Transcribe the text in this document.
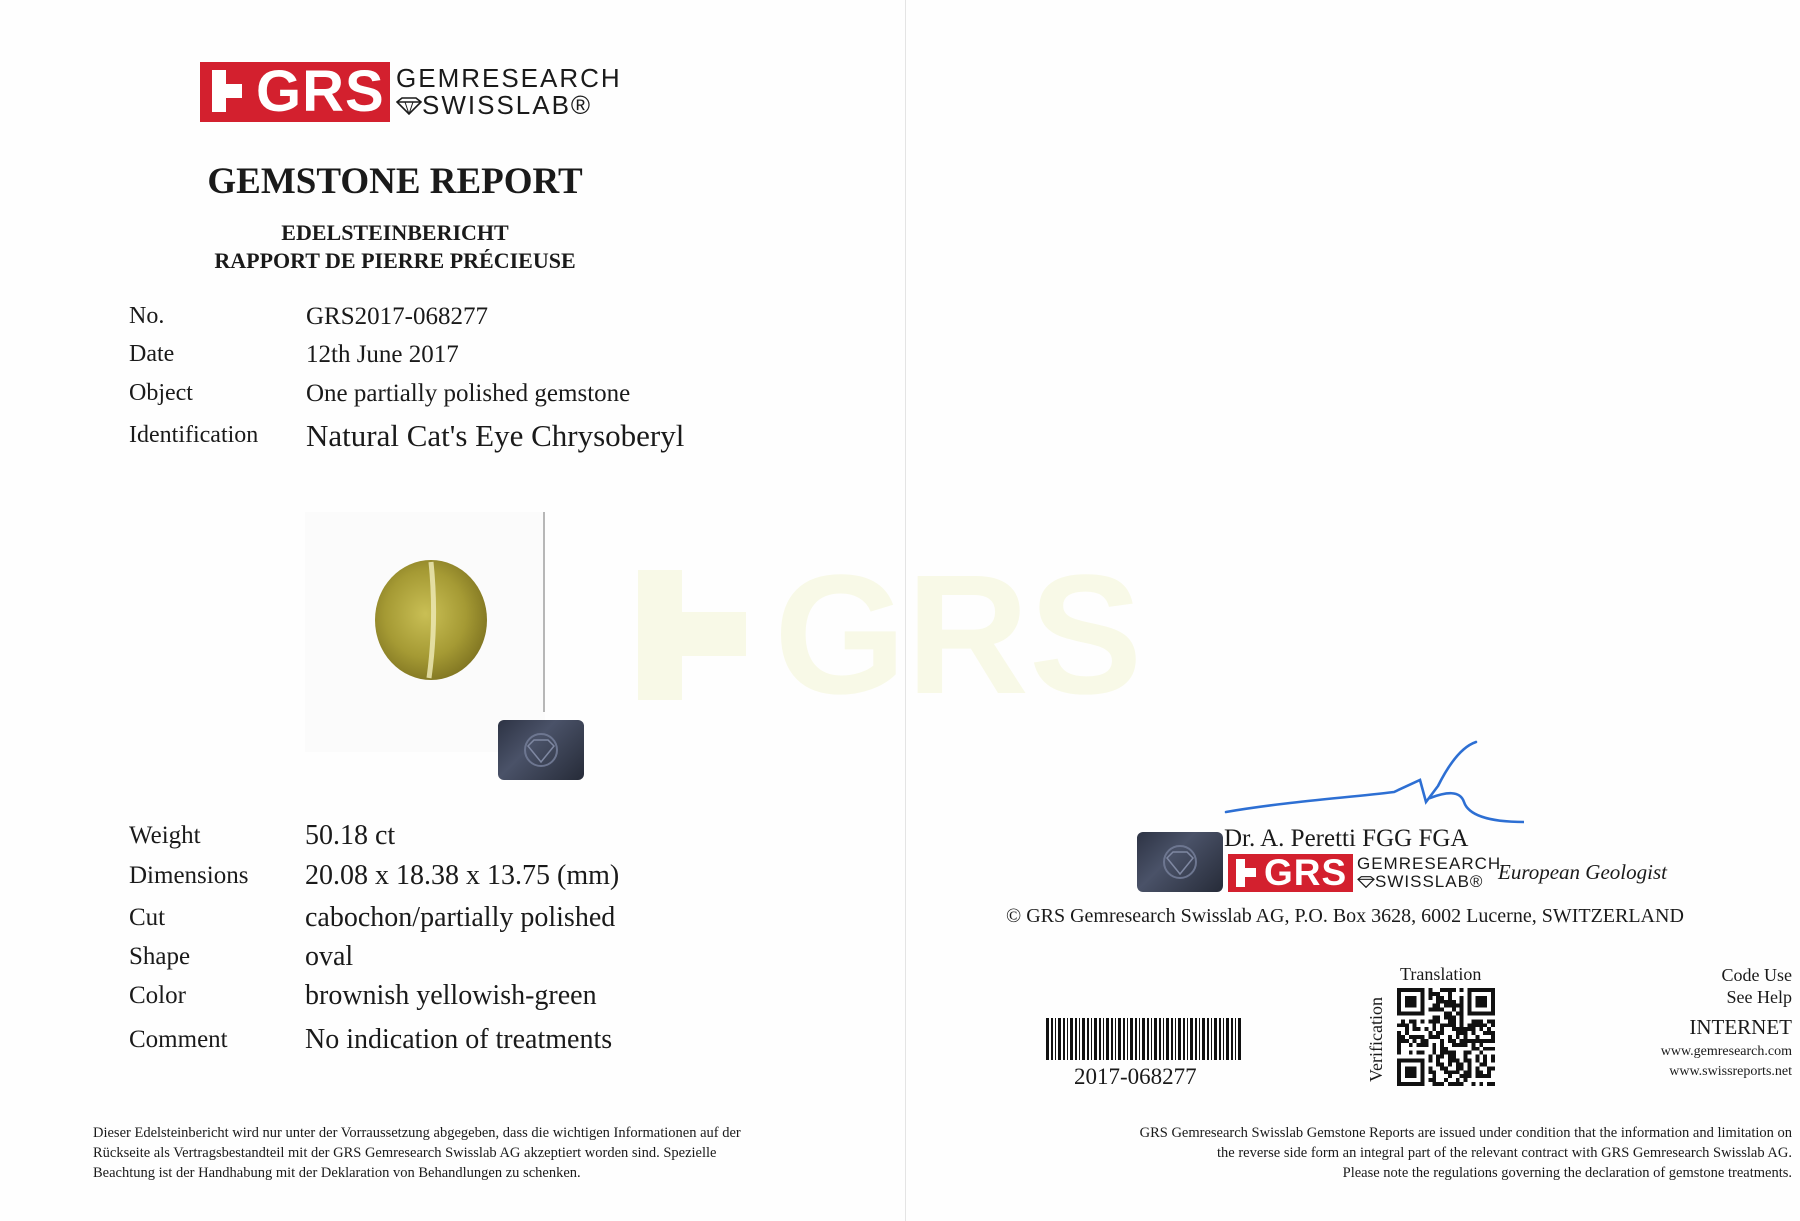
GRS GEMRESEARCH
SWISSLAB®
GEMSTONE REPORT
EDELSTEINBERICHT
RAPPORT DE PIERRE PRÉCIEUSE
No.	GRS2017-068277
Date	12th June 2017
Object	One partially polished gemstone
Identification Natural Cat's Eye Chrysoberyl
Weight	50.18 ct
Dimensions 20.08 x 18.38 x 13.75 (mm)
Cut	cabochon/partially polished
Shape	oval
Color	brownish yellowish-green
Comment	No indication of treatments
Dieser Edelsteinbericht wird nur unter der Vorraussetzung abgegeben, dass die wichtigen Informationen auf der
Rückseite als Vertragsbestandteil mit der GRS Gemresearch Swisslab AG akzeptiert worden sind. Spezielle
Beachtung ist der Handhabung mit der Deklaration von Behandlungen zu schenken.
GRS
Dr. A. Peretti FGG FGA
GRS GEMRESEARCH
SWISSLAB® European Geologist
© GRS Gemresearch Swisslab AG, P.O. Box 3628, 6002 Lucerne, SWITZERLAND
2017-068277
Translation
Verification
Code Use
See Help
INTERNET
www.gemresearch.com
www.swissreports.net
GRS Gemresearch Swisslab Gemstone Reports are issued under condition that the information and limitation on
the reverse side form an integral part of the relevant contract with GRS Gemresearch Swisslab AG.
Please note the regulations governing the declaration of gemstone treatments.
